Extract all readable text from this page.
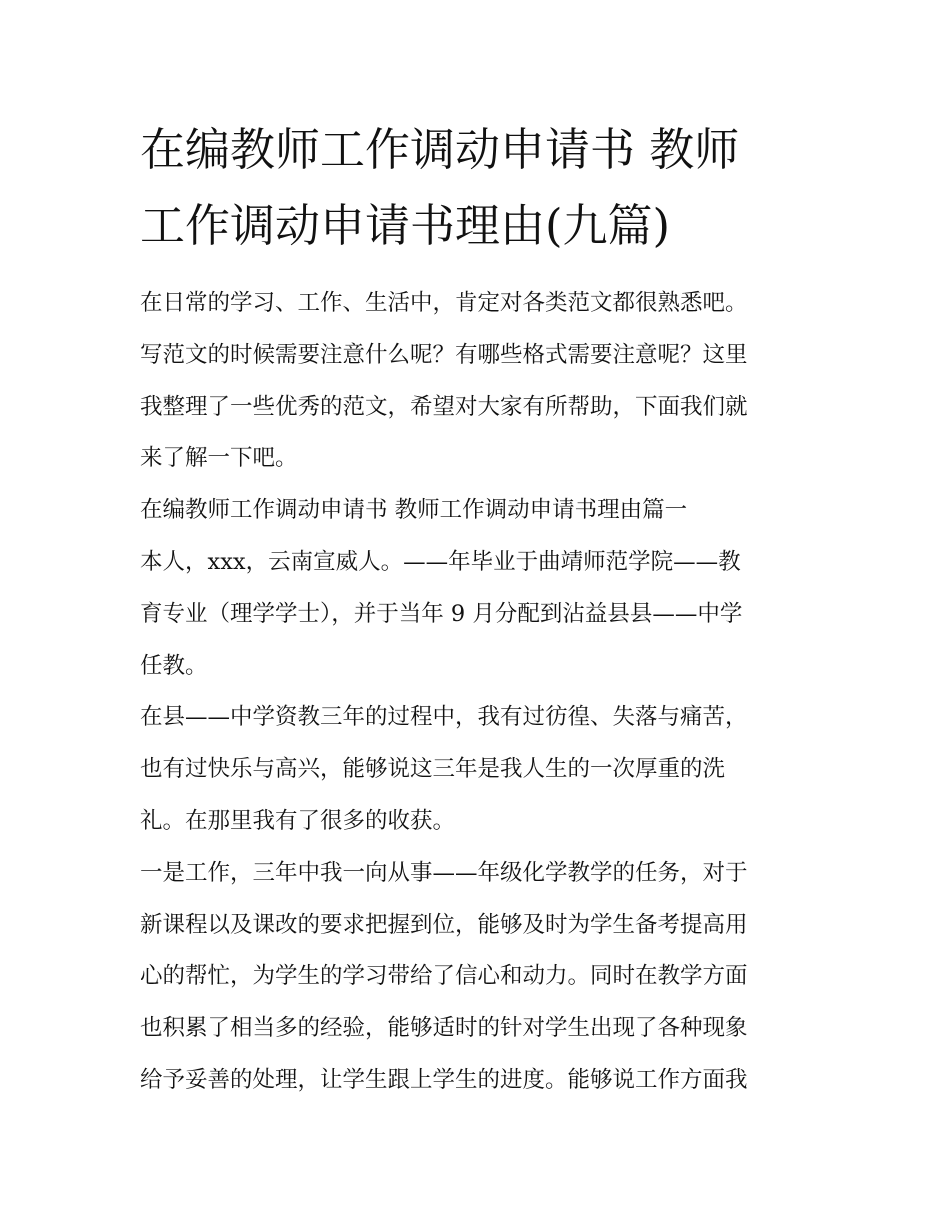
在编教师工作调动申请书 教师
工作调动申请书理由(九篇)
在日常的学习、工作、生活中，肯定对各类范文都很熟悉吧。
写范文的时候需要注意什么呢？有哪些格式需要注意呢？这里
我整理了一些优秀的范文，希望对大家有所帮助，下面我们就
来了解一下吧。
在编教师工作调动申请书 教师工作调动申请书理由篇一
本人，xxx，云南宣威人。——年毕业于曲靖师范学院——教
育专业（理学学士），并于当年 9 月分配到沾益县县——中学
任教。
在县——中学资教三年的过程中，我有过彷徨、失落与痛苦，
也有过快乐与高兴，能够说这三年是我人生的一次厚重的洗
礼。在那里我有了很多的收获。
一是工作，三年中我一向从事——年级化学教学的任务，对于
新课程以及课改的要求把握到位，能够及时为学生备考提高用
心的帮忙，为学生的学习带给了信心和动力。同时在教学方面
也积累了相当多的经验，能够适时的针对学生出现了各种现象
给予妥善的处理，让学生跟上学生的进度。能够说工作方面我
